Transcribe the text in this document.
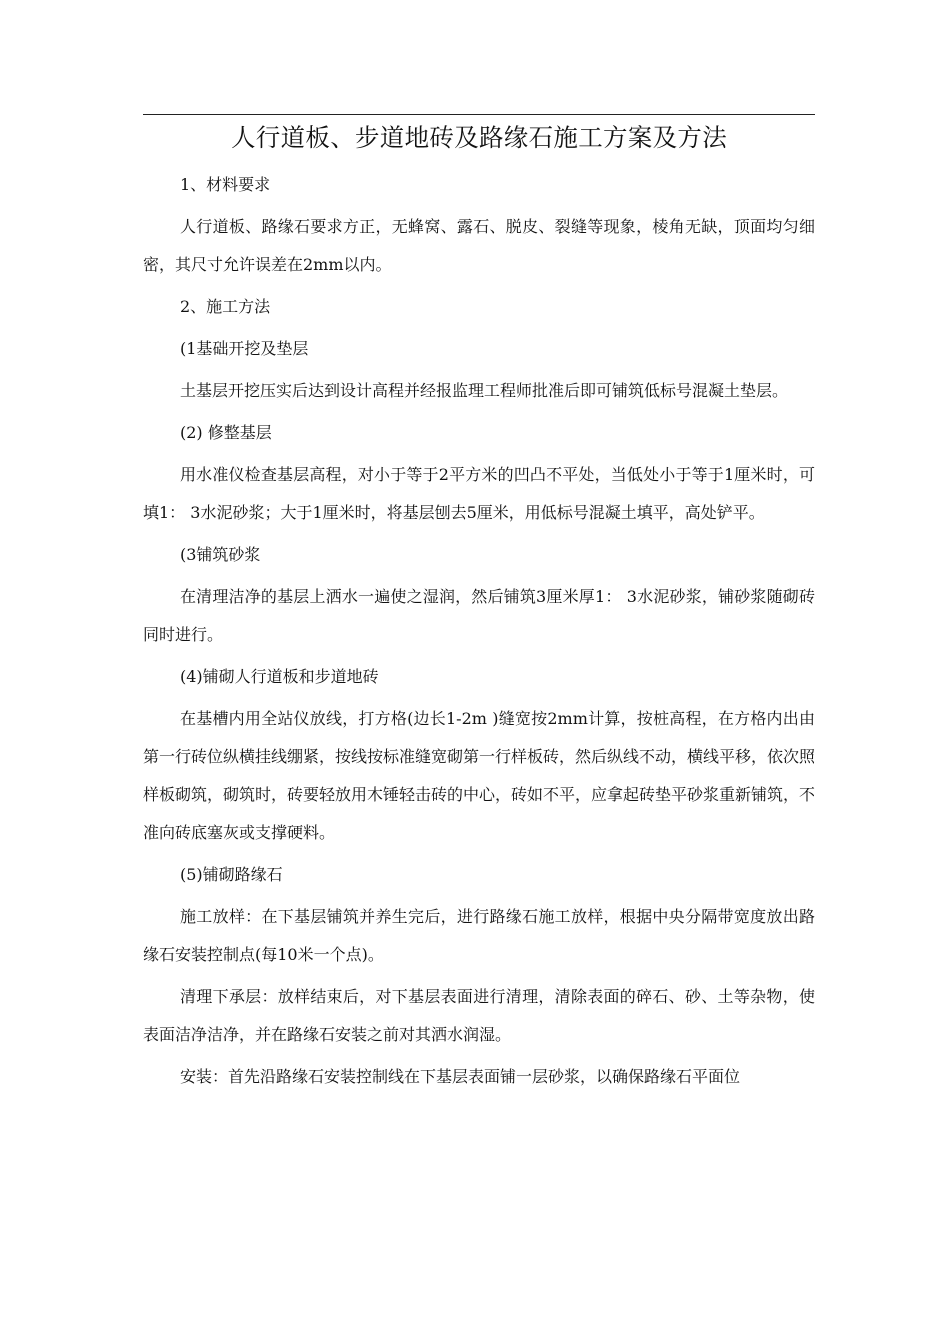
人行道板、步道地砖及路缘石施工方案及方法

1、材料要求

人行道板、路缘石要求方正，无蜂窝、露石、脱皮、裂缝等现象，棱角无缺，顶面均匀细密，其尺寸允许误差在2mm以内。

2、施工方法

(1基础开挖及垫层

土基层开挖压实后达到设计高程并经报监理工程师批准后即可铺筑低标号混凝土垫层。

(2) 修整基层

用水准仪检查基层高程，对小于等于2平方米的凹凸不平处，当低处小于等于1厘米时，可填1： 3水泥砂浆；大于1厘米时，将基层刨去5厘米，用低标号混凝土填平，高处铲平。

(3铺筑砂浆

在清理洁净的基层上洒水一遍使之湿润，然后铺筑3厘米厚1： 3水泥砂浆，铺砂浆随砌砖同时进行。

(4)铺砌人行道板和步道地砖

在基槽内用全站仪放线，打方格(边长1-2m )缝宽按2mm计算，按桩高程，在方格内出由第一行砖位纵横挂线绷紧，按线按标准缝宽砌第一行样板砖，然后纵线不动，横线平移，依次照样板砌筑，砌筑时，砖要轻放用木锤轻击砖的中心，砖如不平，应拿起砖垫平砂浆重新铺筑，不准向砖底塞灰或支撑硬料。

(5)铺砌路缘石

施工放样：在下基层铺筑并养生完后，进行路缘石施工放样，根据中央分隔带宽度放出路缘石安装控制点(每10米一个点)。

清理下承层：放样结束后，对下基层表面进行清理，清除表面的碎石、砂、土等杂物，使表面洁净洁净，并在路缘石安装之前对其洒水润湿。

安装：首先沿路缘石安装控制线在下基层表面铺一层砂浆，以确保路缘石平面位
